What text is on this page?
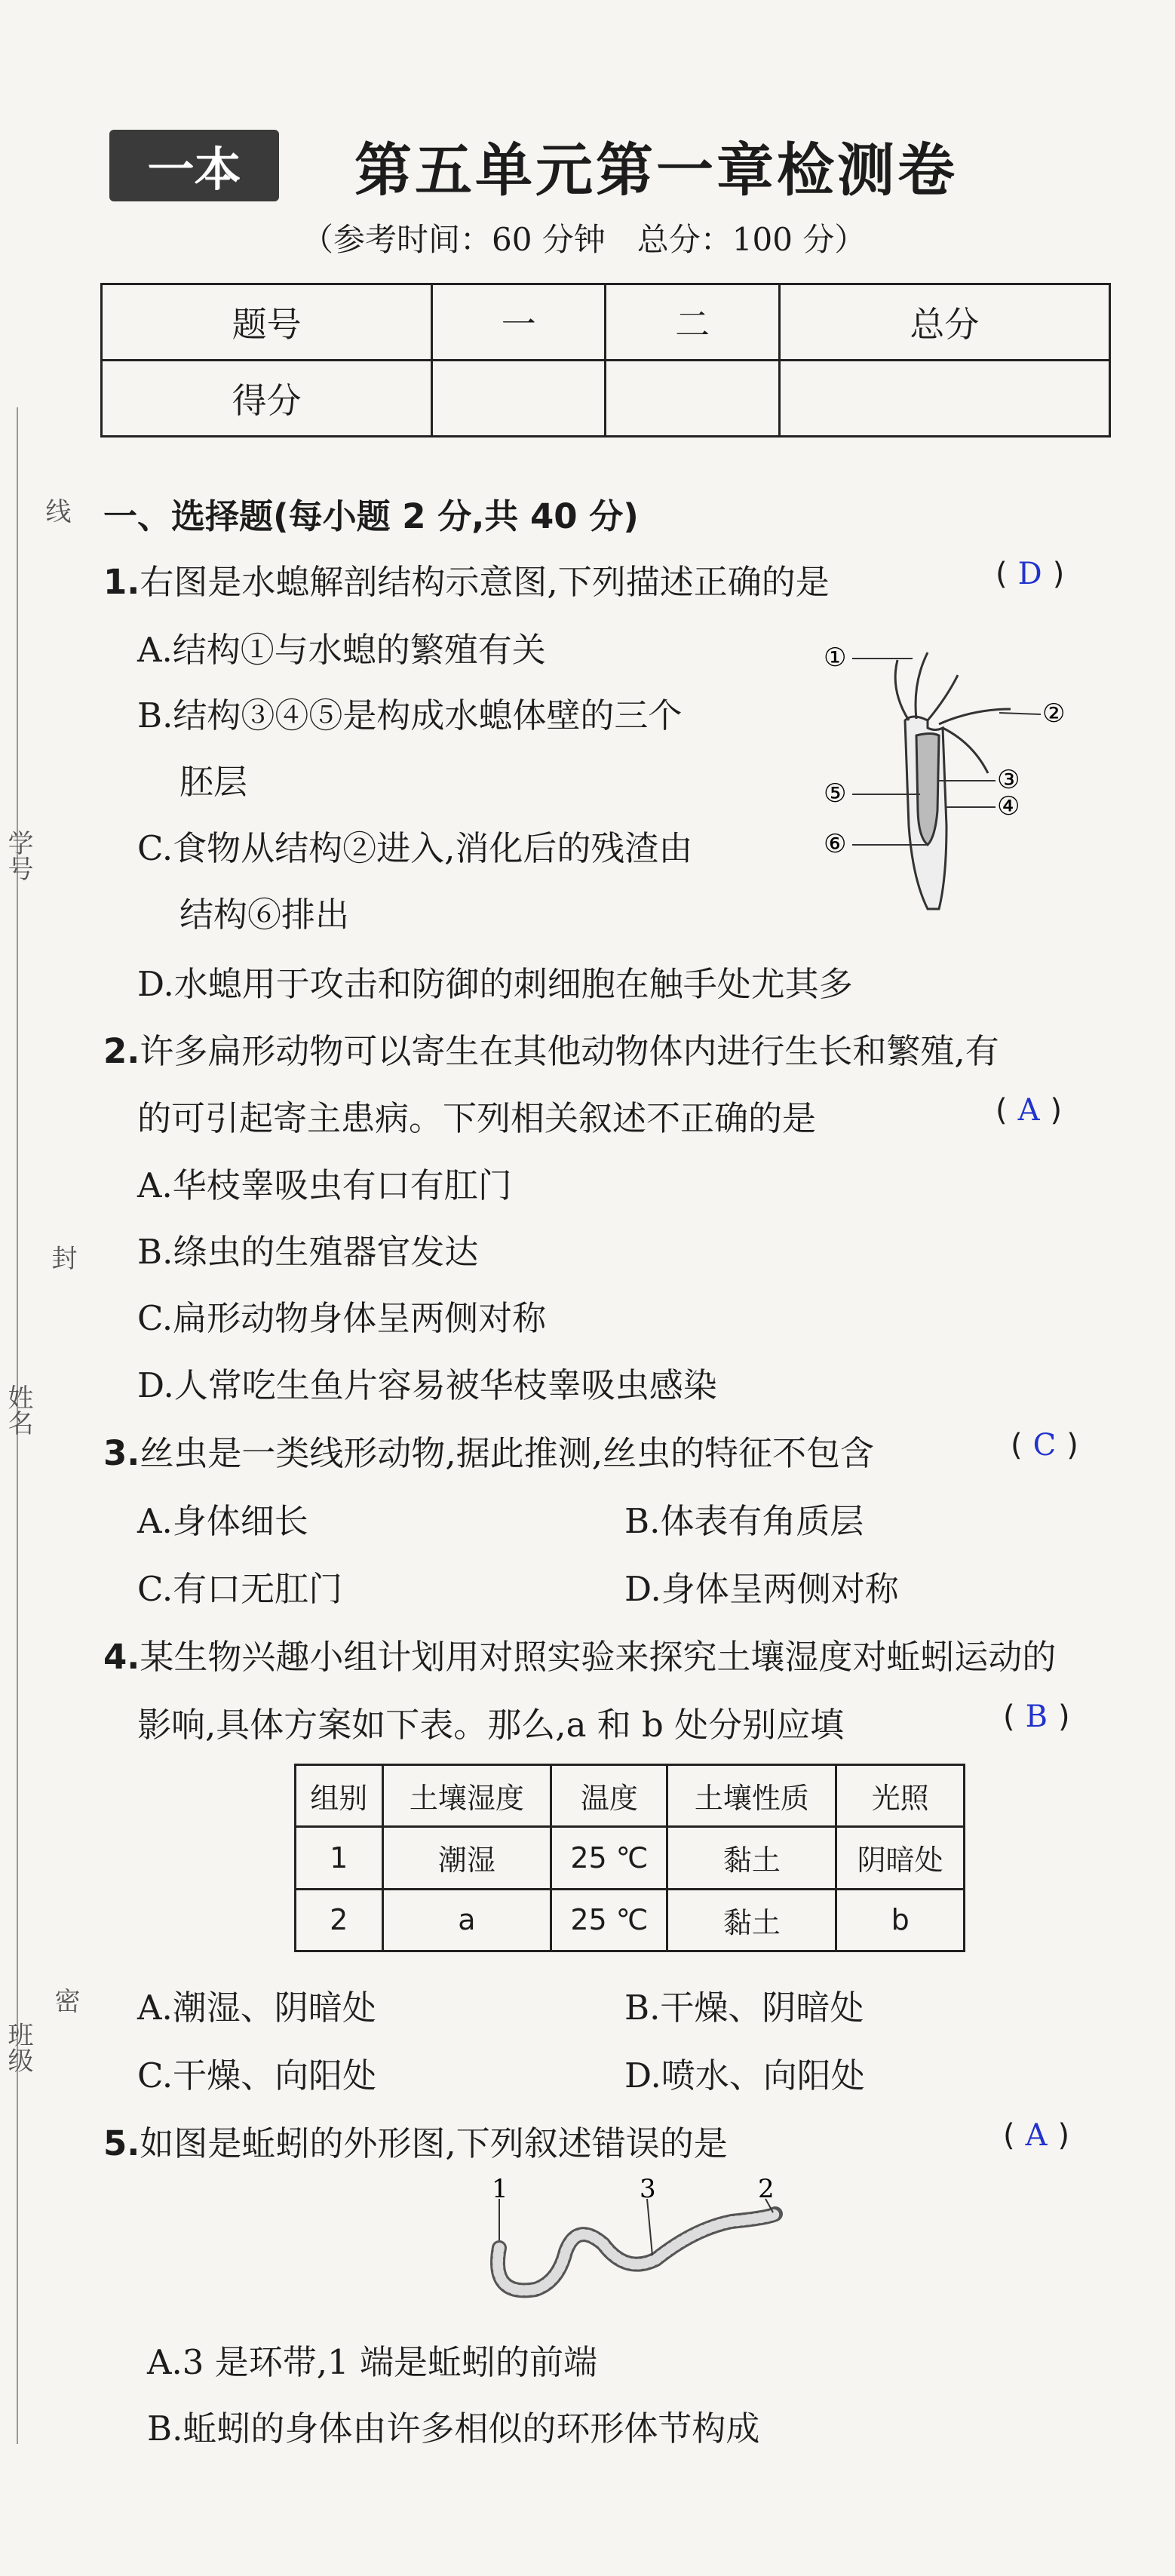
线
学号
封
姓名
密
班级
一本	第五单元第一章检测卷
（参考时间：60 分钟　总分：100 分）
题号	一	二	总分
得分			
一、选择题(每小题 2 分,共 40 分)
1.右图是水螅解剖结构示意图,下列描述正确的是	( D )
A.结构①与水螅的繁殖有关
B.结构③④⑤是构成水螅体壁的三个
胚层
C.食物从结构②进入,消化后的残渣由
结构⑥排出
D.水螅用于攻击和防御的刺细胞在触手处尤其多
①
②
③
④
⑤
⑥
2.许多扁形动物可以寄生在其他动物体内进行生长和繁殖,有
的可引起寄主患病。下列相关叙述不正确的是	( A )
A.华枝睾吸虫有口有肛门
B.绦虫的生殖器官发达
C.扁形动物身体呈两侧对称
D.人常吃生鱼片容易被华枝睾吸虫感染
3.丝虫是一类线形动物,据此推测,丝虫的特征不包含	( C )
A.身体细长	B.体表有角质层
C.有口无肛门	D.身体呈两侧对称
4.某生物兴趣小组计划用对照实验来探究土壤湿度对蚯蚓运动的
影响,具体方案如下表。那么,a 和 b 处分别应填	( B )
组别	土壤湿度	温度	土壤性质	光照
1	潮湿	25 ℃	黏土	阴暗处
2	a	25 ℃	黏土	b
A.潮湿、阴暗处	B.干燥、阴暗处
C.干燥、向阳处	D.喷水、向阳处
5.如图是蚯蚓的外形图,下列叙述错误的是	( A )
1	3	2
A.3 是环带,1 端是蚯蚓的前端
B.蚯蚓的身体由许多相似的环形体节构成
